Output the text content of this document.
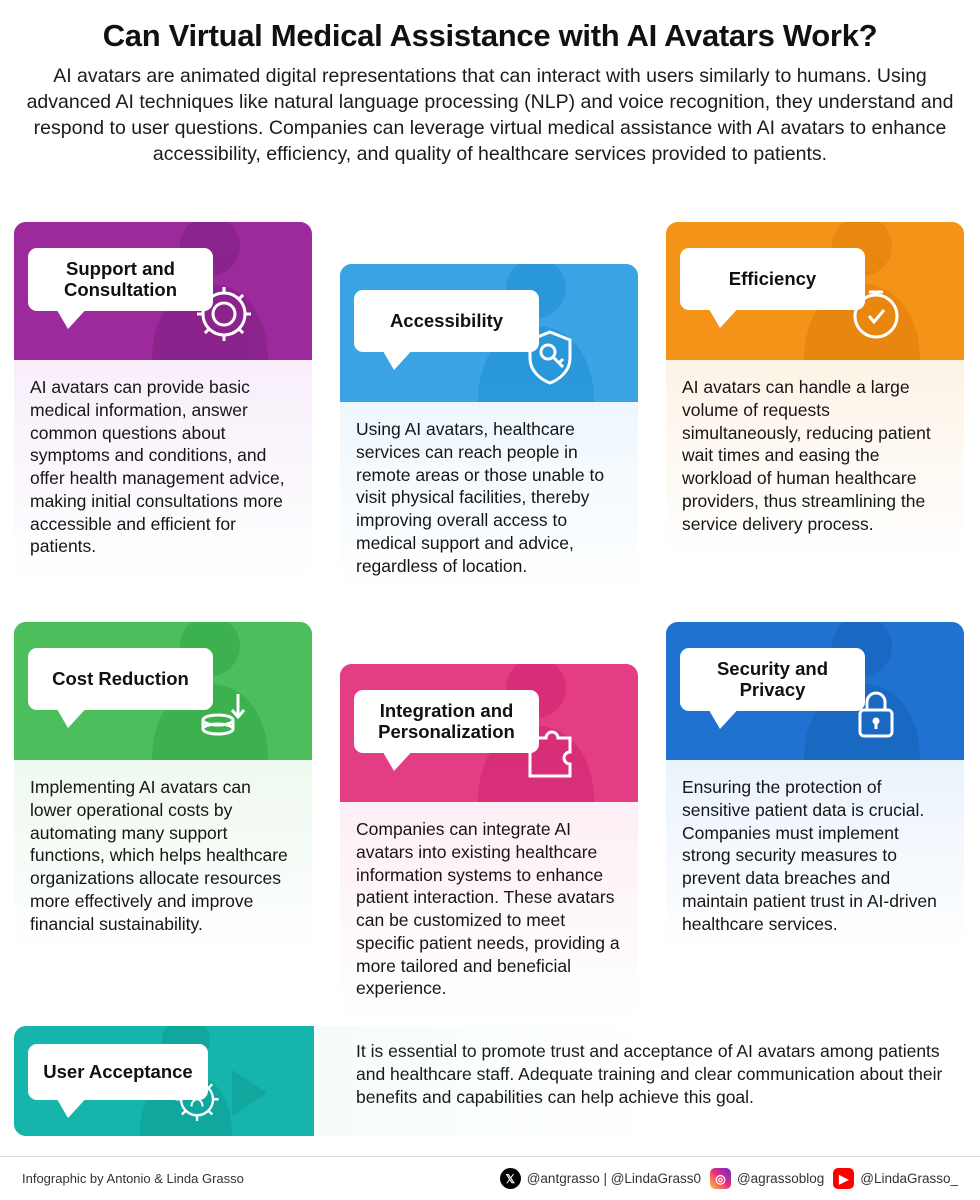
Can Virtual Medical Assistance with AI Avatars Work?

AI avatars are animated digital representations that can interact with users similarly to humans. Using advanced AI techniques like natural language processing (NLP) and voice recognition, they understand and respond to user questions. Companies can leverage virtual medical assistance with AI avatars to enhance accessibility, efficiency, and quality of healthcare services provided to patients.

Support and Consultation
AI avatars can provide basic medical information, answer common questions about symptoms and conditions, and offer health management advice, making initial consultations more accessible and efficient for patients.
Accessibility
Using AI avatars, healthcare services can reach people in remote areas or those unable to visit physical facilities, thereby improving overall access to medical support and advice, regardless of location.
Efficiency
AI avatars can handle a large volume of requests simultaneously, reducing patient wait times and easing the workload of human healthcare providers, thus streamlining the service delivery process.
Cost Reduction
Implementing AI avatars can lower operational costs by automating many support functions, which helps healthcare organizations allocate resources more effectively and improve financial sustainability.
Integration and Personalization
Companies can integrate AI avatars into existing healthcare information systems to enhance patient interaction. These avatars can be customized to meet specific patient needs, providing a more tailored and beneficial experience.
Security and Privacy
Ensuring the protection of sensitive patient data is crucial. Companies must implement strong security measures to prevent data breaches and maintain patient trust in AI-driven healthcare services.
User Acceptance
It is essential to promote trust and acceptance of AI avatars among patients and healthcare staff. Adequate training and clear communication about their benefits and capabilities can help achieve this goal.
Infographic by Antonio & Linda Grasso	𝕏 @antgrasso | @LindaGrass0	◎ @agrassoblog	▶ @LindaGrasso_
